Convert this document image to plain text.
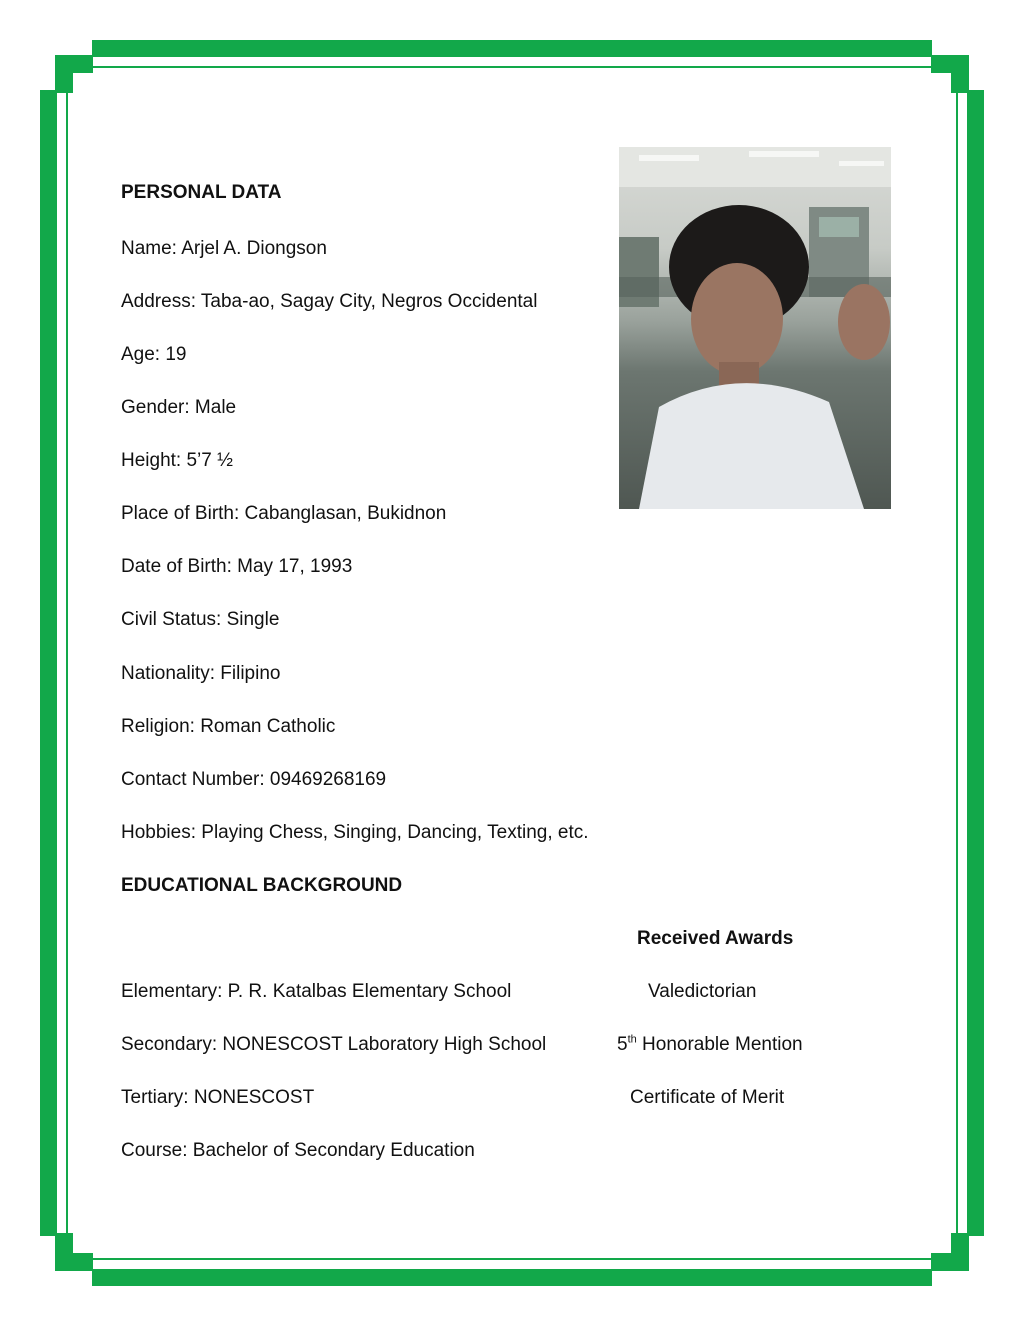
PERSONAL DATA
Name: Arjel A. Diongson
Address: Taba-ao, Sagay City, Negros Occidental
Age: 19
Gender: Male
Height: 5’7 ½
Place of Birth: Cabanglasan, Bukidnon
Date of Birth: May 17, 1993
Civil Status: Single
Nationality: Filipino
Religion: Roman Catholic
Contact Number: 09469268169
Hobbies: Playing Chess, Singing, Dancing, Texting, etc.
EDUCATIONAL BACKGROUND
Received Awards
Elementary: P. R. Katalbas Elementary School	Valedictorian
Secondary: NONESCOST Laboratory High School	5th Honorable Mention
Tertiary: NONESCOST	Certificate of Merit
Course: Bachelor of Secondary Education
